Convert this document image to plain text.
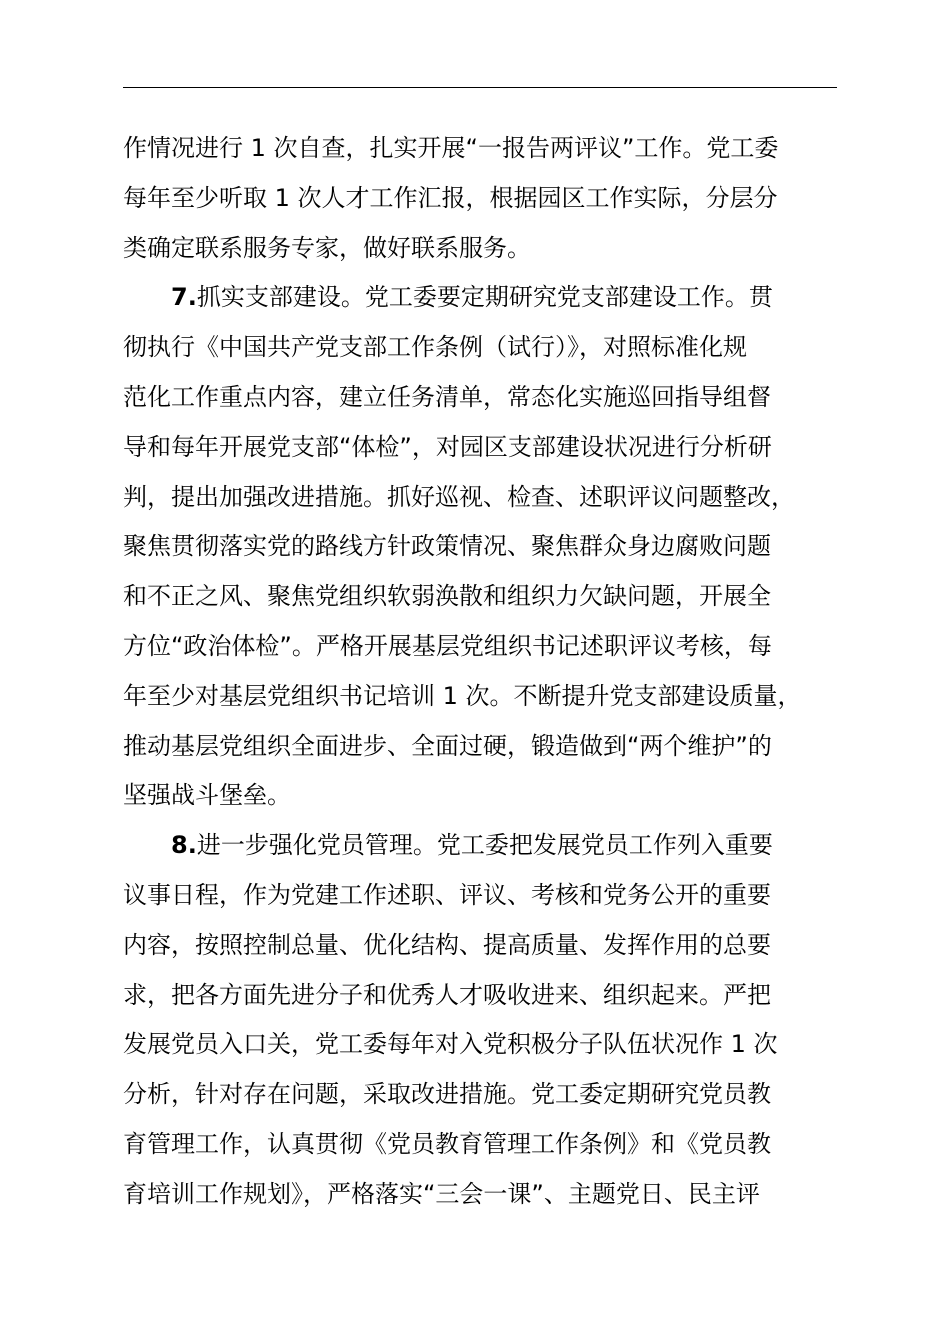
作情况进行 1 次自查，扎实开展“一报告两评议”工作。党工委
每年至少听取 1 次人才工作汇报，根据园区工作实际，分层分
类确定联系服务专家，做好联系服务。
7.抓实支部建设。党工委要定期研究党支部建设工作。贯
彻执行《中国共产党支部工作条例（试行）》，对照标准化规
范化工作重点内容，建立任务清单，常态化实施巡回指导组督
导和每年开展党支部“体检”，对园区支部建设状况进行分析研
判，提出加强改进措施。抓好巡视、检查、述职评议问题整改，
聚焦贯彻落实党的路线方针政策情况、聚焦群众身边腐败问题
和不正之风、聚焦党组织软弱涣散和组织力欠缺问题，开展全
方位“政治体检”。严格开展基层党组织书记述职评议考核，每
年至少对基层党组织书记培训 1 次。不断提升党支部建设质量，
推动基层党组织全面进步、全面过硬，锻造做到“两个维护”的
坚强战斗堡垒。
8.进一步强化党员管理。党工委把发展党员工作列入重要
议事日程，作为党建工作述职、评议、考核和党务公开的重要
内容，按照控制总量、优化结构、提高质量、发挥作用的总要
求，把各方面先进分子和优秀人才吸收进来、组织起来。严把
发展党员入口关，党工委每年对入党积极分子队伍状况作 1 次
分析，针对存在问题，采取改进措施。党工委定期研究党员教
育管理工作，认真贯彻《党员教育管理工作条例》和《党员教
育培训工作规划》，严格落实“三会一课”、主题党日、民主评
